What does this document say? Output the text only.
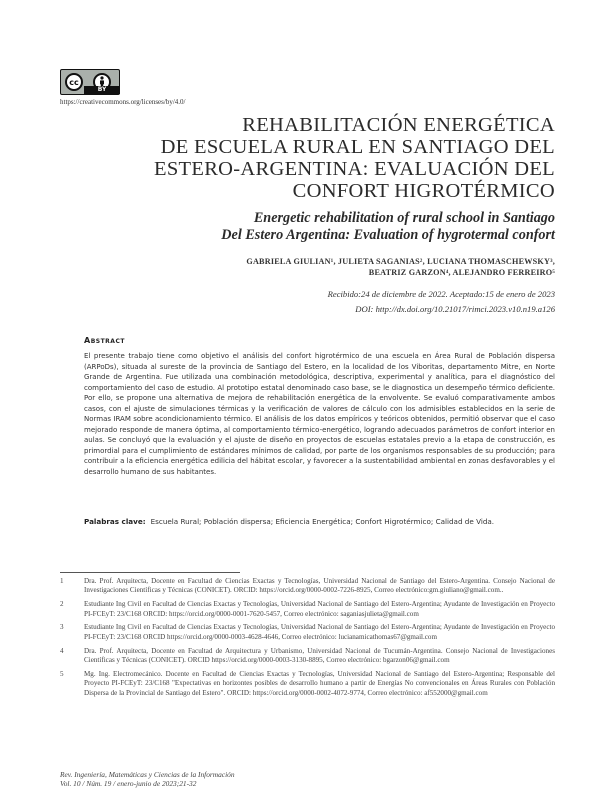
cc
BY
https://creativecommons.org/licenses/by/4.0/
REHABILITACIÓN ENERGÉTICA
DE ESCUELA RURAL EN SANTIAGO DEL
ESTERO-ARGENTINA: EVALUACIÓN DEL
CONFORT HIGROTÉRMICO
Energetic rehabilitation of rural school in Santiago
Del Estero Argentina: Evaluation of hygrotermal confort
GABRIELA GIULIAN¹, JULIETA SAGANIAS², LUCIANA THOMASCHEWSKY³,
BEATRIZ GARZON⁴, ALEJANDRO FERREIRO⁵
Recibido:24 de diciembre de 2022. Aceptado:15 de enero de 2023
DOI: http://dx.doi.org/10.21017/rimci.2023.v10.n19.a126
Abstract
El presente trabajo tiene como objetivo el análisis del confort higrotérmico de una escuela en Área Rural de Población dispersa (ARPoDs), situada al sureste de la provincia de Santiago del Estero, en la localidad de los Viboritas, departamento Mitre, en Norte Grande de Argentina. Fue utilizada una combinación metodológica, descriptiva, experimental y analítica, para el diagnóstico del comportamiento del caso de estudio. Al prototipo estatal denominado caso base, se le diagnostica un desempeño térmico deficiente. Por ello, se propone una alternativa de mejora de rehabilitación energética de la envolvente. Se evaluó comparativamente ambos casos, con el ajuste de simulaciones térmicas y la verificación de valores de cálculo con los admisibles establecidos en la serie de Normas IRAM sobre acondicionamiento térmico. El análisis de los datos empíricos y teóricos obtenidos, permitió observar que el caso mejorado responde de manera óptima, al comportamiento térmico-energético, logrando adecuados parámetros de confort interior en aulas. Se concluyó que la evaluación y el ajuste de diseño en proyectos de escuelas estatales previo a la etapa de construcción, es primordial para el cumplimiento de estándares mínimos de calidad, por parte de los organismos responsables de su producción; para contribuir a la eficiencia energética edilicia del hábitat escolar, y favorecer a la sustentabilidad ambiental en zonas desfavorables y el desarrollo humano de sus habitantes.
Palabras clave: Escuela Rural; Población dispersa; Eficiencia Energética; Confort Higrotérmico; Calidad de Vida.
1	Dra. Prof. Arquitecta, Docente en Facultad de Ciencias Exactas y Tecnologías, Universidad Nacional de Santiago del Estero-Argentina. Consejo Nacional de Investigaciones Científicas y Técnicas (CONICET). ORCID: https://orcid.org/0000-0002-7226-8925, Correo electrónico:gm.giuliano@gmail.com..
2	Estudiante Ing Civil en Facultad de Ciencias Exactas y Tecnologías, Universidad Nacional de Santiago del Estero-Argentina; Ayudante de Investigación en Proyecto PI-FCEyT: 23/C168 ORCID: https://orcid.org/0000-0001-7620-5457, Correo electrónico: saganiasjulieta@gmail.com
3	Estudiante Ing Civil en Facultad de Ciencias Exactas y Tecnologías, Universidad Nacional de Santiago del Estero-Argentina; Ayudante de Investigación en Proyecto PI-FCEyT: 23/C168 ORCID https://orcid.org/0000-0003-4628-4646, Correo electrónico: lucianamicathomas67@gmail.com
4	Dra. Prof. Arquitecta, Docente en Facultad de Arquitectura y Urbanismo, Universidad Nacional de Tucumán-Argentina. Consejo Nacional de Investigaciones Científicas y Técnicas (CONICET). ORCID https://orcid.org/0000-0003-3130-8895, Correo electrónico: bgarzon06@gmail.com
5	Mg. Ing. Electromecánico. Docente en Facultad de Ciencias Exactas y Tecnologías, Universidad Nacional de Santiago del Estero-Argentina; Responsable del Proyecto PI-FCEyT: 23/C168 "Expectativas en horizontes posibles de desarrollo humano a partir de Energías No convencionales en Áreas Rurales con Población Dispersa de la Provincial de Santiago del Estero". ORCID: https://orcid.org/0000-0002-4072-9774, Correo electrónico: af552000@gmail.com
Rev. Ingeniería, Matemáticas y Ciencias de la Información
Vol. 10 / Núm. 19 / enero-junio de 2023;21-32
